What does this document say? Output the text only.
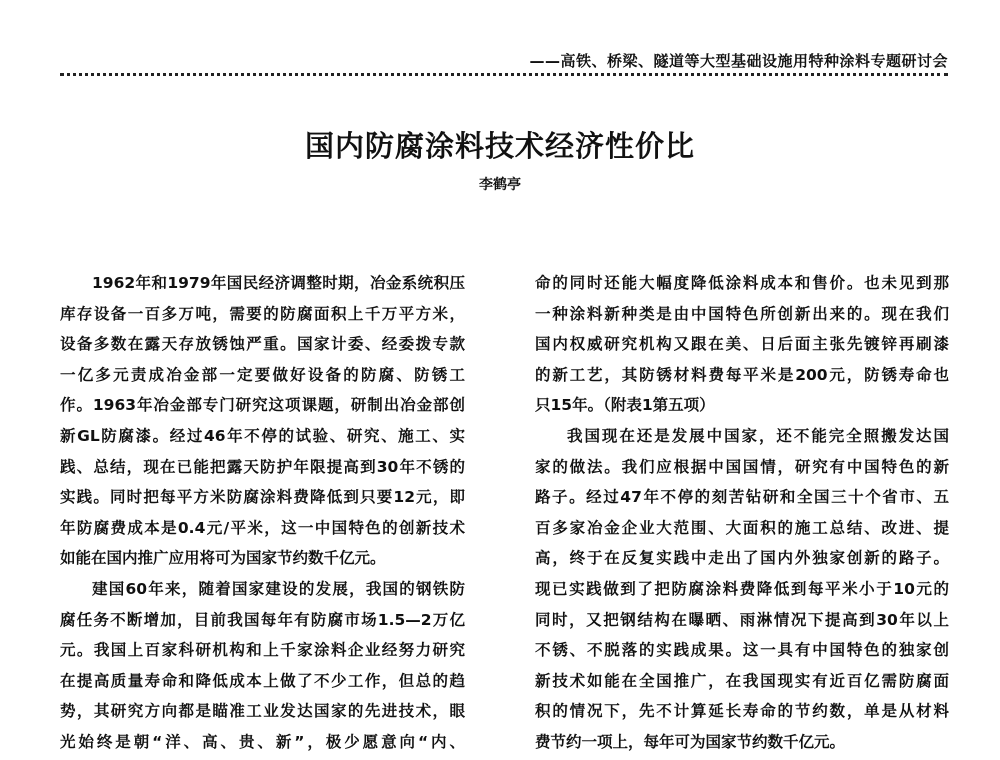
——高铁、桥梁、隧道等大型基础设施用特种涂料专题研讨会
国内防腐涂料技术经济性价比
李鹤亭
1962年和1979年国民经济调整时期，冶金系统积压
库存设备一百多万吨，需要的防腐面积上千万平方米，
设备多数在露天存放锈蚀严重。国家计委、经委拨专款
一亿多元责成冶金部一定要做好设备的防腐、防锈工
作。1963年冶金部专门研究这项课题，研制出冶金部创
新GL防腐漆。经过46年不停的试验、研究、施工、实
践、总结，现在已能把露天防护年限提高到30年不锈的
实践。同时把每平方米防腐涂料费降低到只要12元，即
年防腐费成本是0.4元/平米，这一中国特色的创新技术
如能在国内推广应用将可为国家节约数千亿元。
建国60年来，随着国家建设的发展，我国的钢铁防
腐任务不断增加，目前我国每年有防腐市场1.5—2万亿
元。我国上百家科研机构和上千家涂料企业经努力研究
在提高质量寿命和降低成本上做了不少工作，但总的趋
势，其研究方向都是瞄准工业发达国家的先进技术，眼
光始终是朝“洋、高、贵、新”，极少愿意向“内、
命的同时还能大幅度降低涂料成本和售价。也未见到那
一种涂料新种类是由中国特色所创新出来的。现在我们
国内权威研究机构又跟在美、日后面主张先镀锌再刷漆
的新工艺，其防锈材料费每平米是200元，防锈寿命也
只15年。（附表1第五项）
我国现在还是发展中国家，还不能完全照搬发达国
家的做法。我们应根据中国国情，研究有中国特色的新
路子。经过47年不停的刻苦钻研和全国三十个省市、五
百多家冶金企业大范围、大面积的施工总结、改进、提
高，终于在反复实践中走出了国内外独家创新的路子。
现已实践做到了把防腐涂料费降低到每平米小于10元的
同时，又把钢结构在曝晒、雨淋情况下提高到30年以上
不锈、不脱落的实践成果。这一具有中国特色的独家创
新技术如能在全国推广，在我国现实有近百亿需防腐面
积的情况下，先不计算延长寿命的节约数，单是从材料
费节约一项上，每年可为国家节约数千亿元。
